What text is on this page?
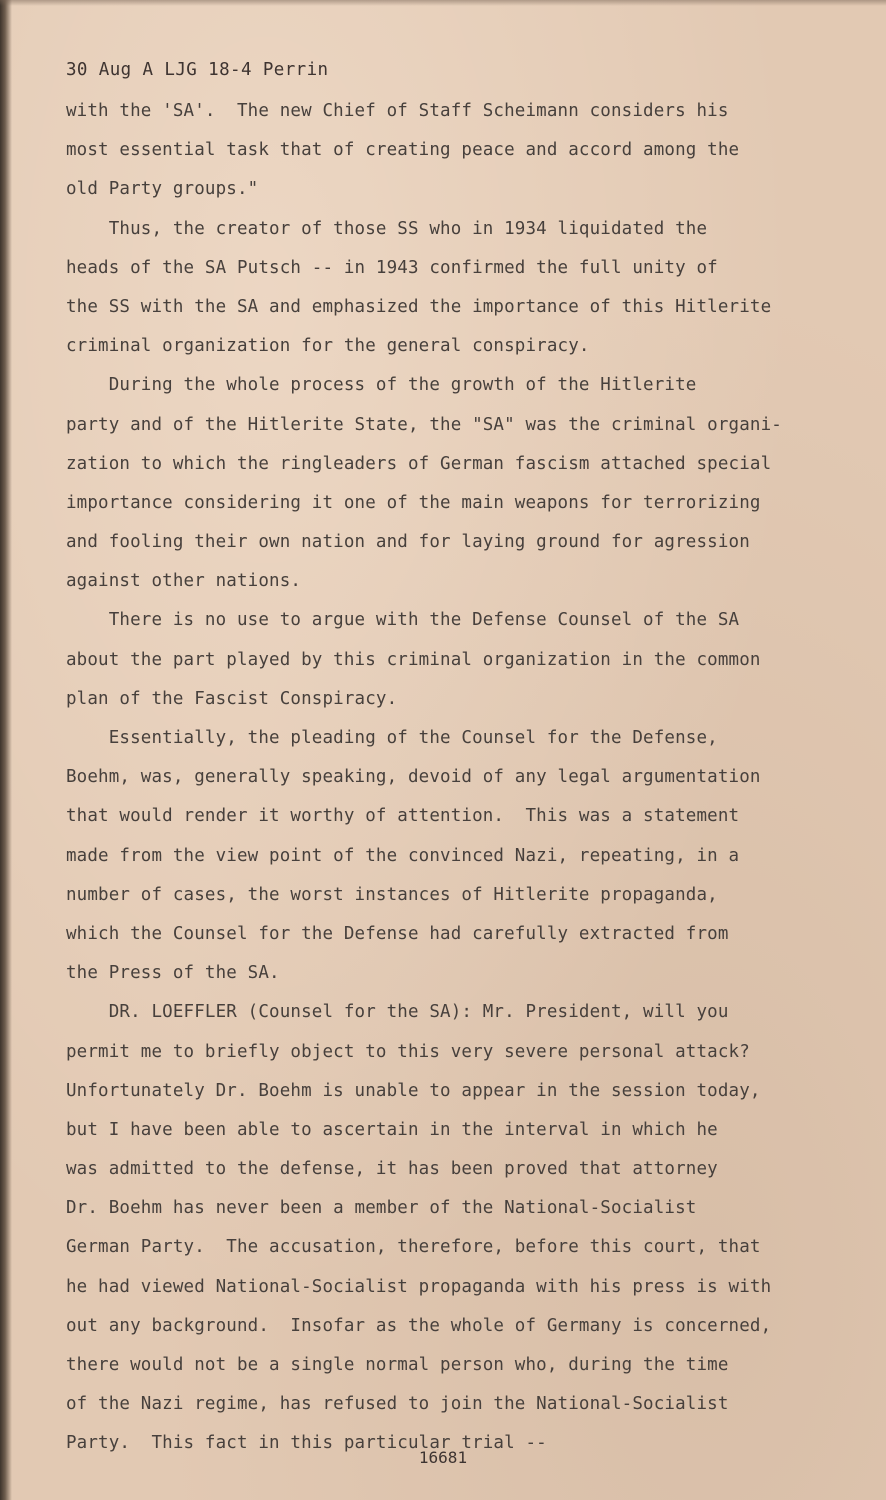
30 Aug A LJG 18-4 Perrin
with the 'SA'.  The new Chief of Staff Scheimann considers his
most essential task that of creating peace and accord among the
old Party groups."
Thus, the creator of those SS who in 1934 liquidated the
heads of the SA Putsch -- in 1943 confirmed the full unity of
the SS with the SA and emphasized the importance of this Hitlerite
criminal organization for the general conspiracy.
During the whole process of the growth of the Hitlerite
party and of the Hitlerite State, the "SA" was the criminal organi-
zation to which the ringleaders of German fascism attached special
importance considering it one of the main weapons for terrorizing
and fooling their own nation and for laying ground for agression
against other nations.
There is no use to argue with the Defense Counsel of the SA
about the part played by this criminal organization in the common
plan of the Fascist Conspiracy.
Essentially, the pleading of the Counsel for the Defense,
Boehm, was, generally speaking, devoid of any legal argumentation
that would render it worthy of attention.  This was a statement
made from the view point of the convinced Nazi, repeating, in a
number of cases, the worst instances of Hitlerite propaganda,
which the Counsel for the Defense had carefully extracted from
the Press of the SA.
DR. LOEFFLER (Counsel for the SA): Mr. President, will you
permit me to briefly object to this very severe personal attack?
Unfortunately Dr. Boehm is unable to appear in the session today,
but I have been able to ascertain in the interval in which he
was admitted to the defense, it has been proved that attorney
Dr. Boehm has never been a member of the National-Socialist
German Party.  The accusation, therefore, before this court, that
he had viewed National-Socialist propaganda with his press is with
out any background.  Insofar as the whole of Germany is concerned,
there would not be a single normal person who, during the time
of the Nazi regime, has refused to join the National-Socialist
Party.  This fact in this particular trial --
16681
